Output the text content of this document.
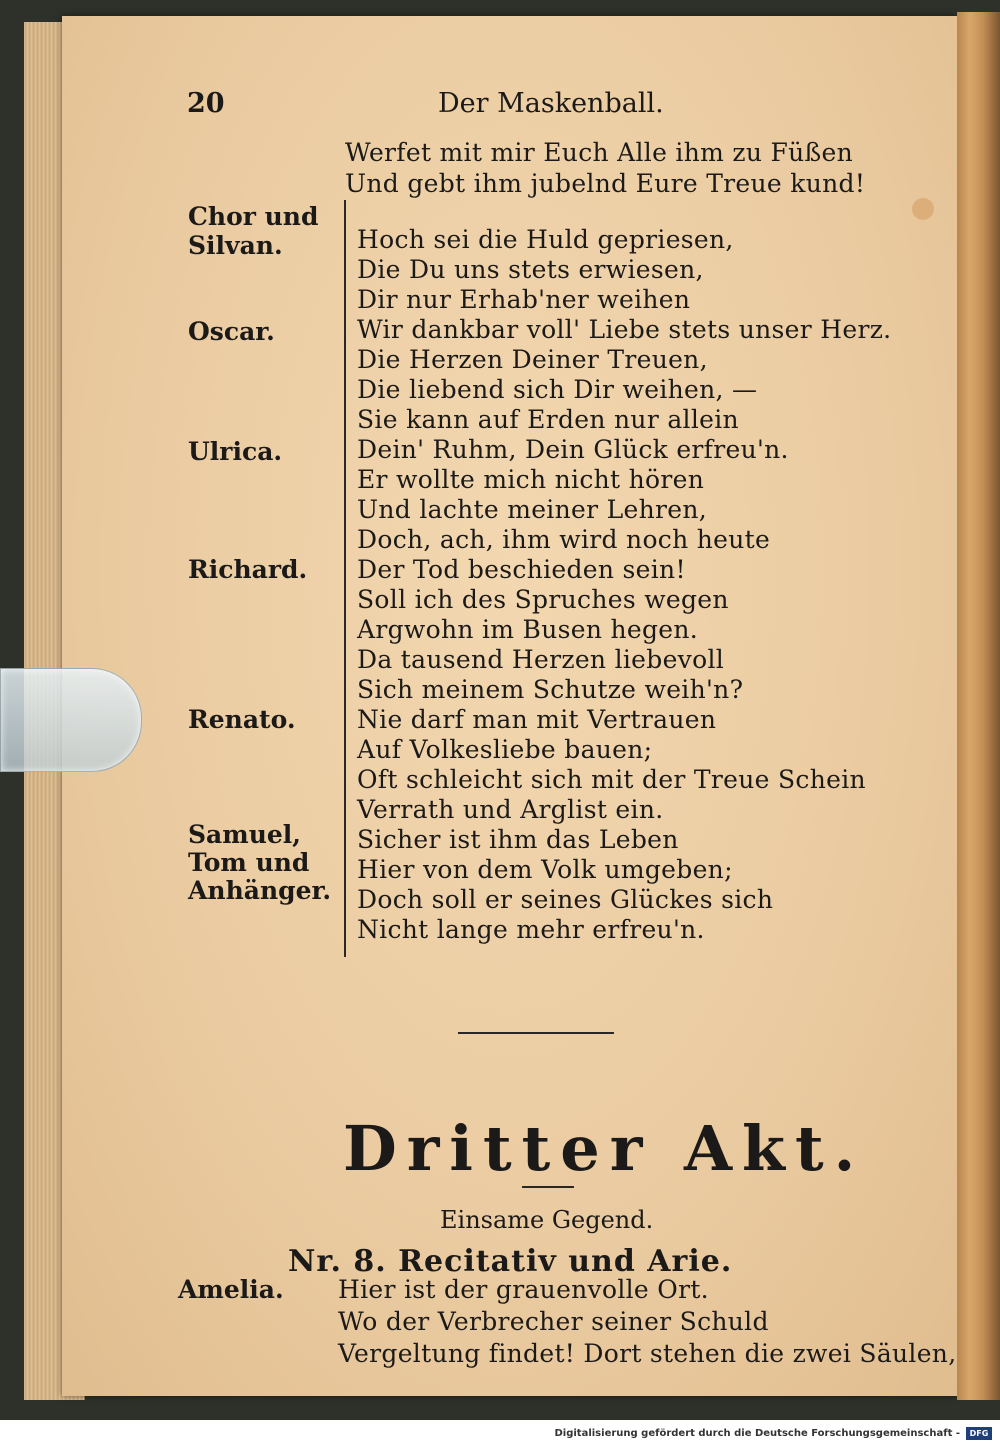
20	Der Maskenball.
Werfet mit mir Euch Alle ihm zu Füßen
Und gebt ihm jubelnd Eure Treue kund!
Chor und
Silvan.
Oscar.
Ulrica.
Richard.
Renato.
Samuel,
Tom und
Anhänger.
Hoch sei die Huld gepriesen,
Die Du uns stets erwiesen,
Dir nur Erhab'ner weihen
Wir dankbar voll' Liebe stets unser Herz.
Die Herzen Deiner Treuen,
Die liebend sich Dir weihen, —
Sie kann auf Erden nur allein
Dein' Ruhm, Dein Glück erfreu'n.
Er wollte mich nicht hören
Und lachte meiner Lehren,
Doch, ach, ihm wird noch heute
Der Tod beschieden sein!
Soll ich des Spruches wegen
Argwohn im Busen hegen.
Da tausend Herzen liebevoll
Sich meinem Schutze weih'n?
Nie darf man mit Vertrauen
Auf Volkesliebe bauen;
Oft schleicht sich mit der Treue Schein
Verrath und Arglist ein.
Sicher ist ihm das Leben
Hier von dem Volk umgeben;
Doch soll er seines Glückes sich
Nicht lange mehr erfreu'n.
Dritter Akt.
Einsame Gegend.
Nr. 8. Recitativ und Arie.
Amelia. Hier ist der grauenvolle Ort.
Wo der Verbrecher seiner Schuld
Vergeltung findet! Dort stehen die zwei Säulen,
Digitalisierung gefördert durch die Deutsche Forschungsgemeinschaft -	DFG
